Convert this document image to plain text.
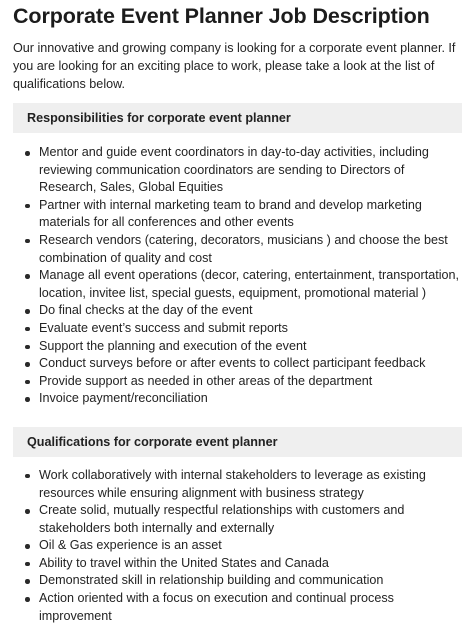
Corporate Event Planner Job Description

Our innovative and growing company is looking for a corporate event planner. If you are looking for an exciting place to work, please take a look at the list of qualifications below.

Responsibilities for corporate event planner
Mentor and guide event coordinators in day-to-day activities, including reviewing communication coordinators are sending to Directors of Research, Sales, Global Equities
Partner with internal marketing team to brand and develop marketing materials for all conferences and other events
Research vendors (catering, decorators, musicians ) and choose the best combination of quality and cost
Manage all event operations (decor, catering, entertainment, transportation, location, invitee list, special guests, equipment, promotional material )
Do final checks at the day of the event
Evaluate event’s success and submit reports
Support the planning and execution of the event
Conduct surveys before or after events to collect participant feedback
Provide support as needed in other areas of the department
Invoice payment/reconciliation
Qualifications for corporate event planner
Work collaboratively with internal stakeholders to leverage as existing resources while ensuring alignment with business strategy
Create solid, mutually respectful relationships with customers and stakeholders both internally and externally
Oil & Gas experience is an asset
Ability to travel within the United States and Canada
Demonstrated skill in relationship building and communication
Action oriented with a focus on execution and continual process improvement
